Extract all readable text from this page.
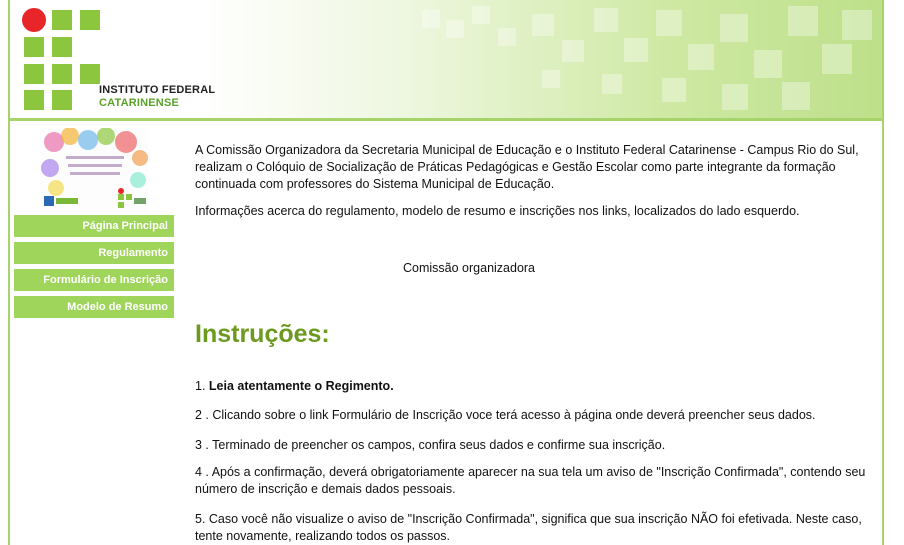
INSTITUTO FEDERAL
CATARINENSE
Página Principal
Regulamento
Formulário de Inscrição
Modelo de Resumo

A Comissão Organizadora da Secretaria Municipal de Educação e o Instituto Federal Catarinense - Campus Rio do Sul, realizam o Colóquio de Socialização de Práticas Pedagógicas e Gestão Escolar como parte integrante da formação continuada com professores do Sistema Municipal de Educação.

Informações acerca do regulamento, modelo de resumo e inscrições nos links, localizados do lado esquerdo.

Comissão organizadora

Instruções:

1. Leia atentamente o Regimento.

2 . Clicando sobre o link Formulário de Inscrição voce terá acesso à página onde deverá preencher seus dados.

3 . Terminado de preencher os campos, confira seus dados e confirme sua inscrição.

4 . Após a confirmação, deverá obrigatoriamente aparecer na sua tela um aviso de "Inscrição Confirmada", contendo seu número de inscrição e demais dados pessoais.

5. Caso você não visualize o aviso de "Inscrição Confirmada", significa que sua inscrição NÃO foi efetivada. Neste caso, tente novamente, realizando todos os passos.
